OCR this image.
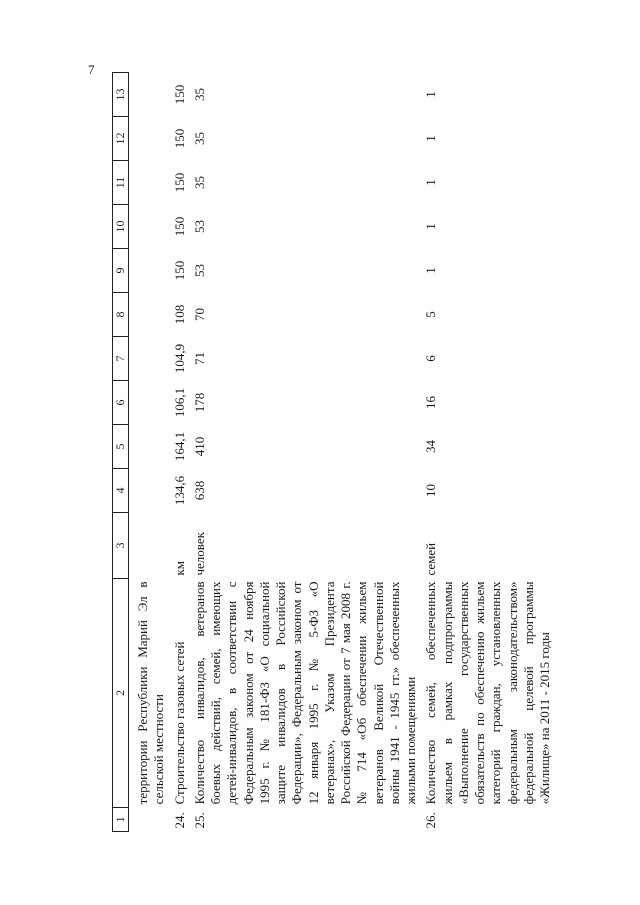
7
1	2	3	4	5	6	7	8	9	10	11	12	13
	территории Республики Марий Эл в сельской местности											
24.	Строительство газовых сетей	км	134,6	164,1	106,1	104,9	108	150	150	150	150	150
25.	Количество инвалидов, ветеранов боевых действий, семей, имеющих детей-инвалидов, в соответствии с Федеральным законом от 24 ноября 1995 г. № 181-ФЗ «О социальной защите инвалидов в Российской Федерации», Федеральным законом от 12 января 1995 г. № 5-ФЗ «О ветеранах», Указом Президента Российской Федерации от 7 мая 2008 г. № 714 «Об обеспечении жильем ветеранов Великой Отечественной войны 1941 - 1945 гг.» обеспеченных жилыми помещениями	человек	638	410	178	71	70	53	53	35	35	35
26.	Количество семей, обеспеченных жильем в рамках подпрограммы «Выполнение государственных обязательств по обеспечению жильем категорий граждан, установленных федеральным законодательством» федеральной целевой программы «Жилище» на 2011 - 2015 годы	семей	10	34	16	6	5	1	1	1	1	1
